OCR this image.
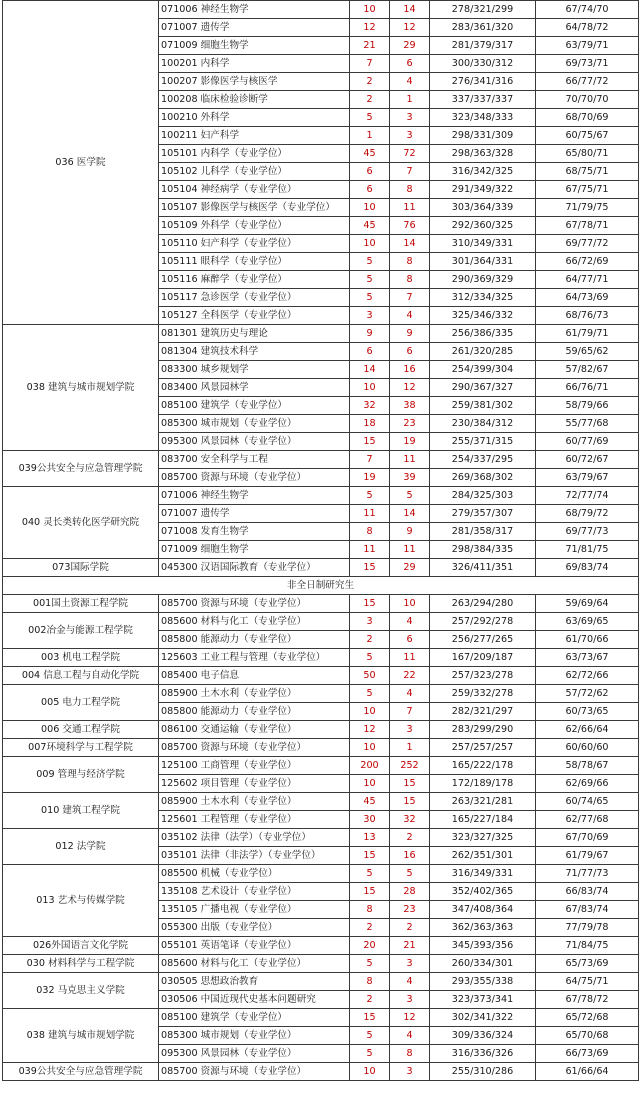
036 医学院	071006 神经生物学	10	14	278/321/299	67/74/70
	071007 遗传学	12	12	283/361/320	64/78/72
	071009 细胞生物学	21	29	281/379/317	63/79/71
	100201 内科学	7	6	300/330/312	69/73/71
	100207 影像医学与核医学	2	4	276/341/316	66/77/72
	100208 临床检验诊断学	2	1	337/337/337	70/70/70
	100210 外科学	5	3	323/348/333	68/70/69
	100211 妇产科学	1	3	298/331/309	60/75/67
	105101 内科学（专业学位）	45	72	298/363/328	65/80/71
	105102 儿科学（专业学位）	6	7	316/342/325	68/75/71
	105104 神经病学（专业学位）	6	8	291/349/322	67/75/71
	105107 影像医学与核医学（专业学位）	10	11	303/364/339	71/79/75
	105109 外科学（专业学位）	45	76	292/360/325	67/78/71
	105110 妇产科学（专业学位）	10	14	310/349/331	69/77/72
	105111 眼科学（专业学位）	5	8	301/364/331	66/72/69
	105116 麻醉学（专业学位）	5	8	290/369/329	64/77/71
	105117 急诊医学（专业学位）	5	7	312/334/325	64/73/69
	105127 全科医学（专业学位）	3	4	325/346/332	68/76/73
038 建筑与城市规划学院	081301 建筑历史与理论	9	9	256/386/335	61/79/71
	081304 建筑技术科学	6	6	261/320/285	59/65/62
	083300 城乡规划学	14	16	254/399/304	57/82/67
	083400 风景园林学	10	12	290/367/327	66/76/71
	085100 建筑学（专业学位）	32	38	259/381/302	58/79/66
	085300 城市规划（专业学位）	18	23	230/384/312	55/77/68
	095300 风景园林（专业学位）	15	19	255/371/315	60/77/69
039公共安全与应急管理学院	083700 安全科学与工程	7	11	254/337/295	60/72/67
	085700 资源与环境（专业学位）	19	39	269/368/302	63/79/67
040 灵长类转化医学研究院	071006 神经生物学	5	5	284/325/303	72/77/74
	071007 遗传学	11	14	279/357/307	68/79/72
	071008 发育生物学	8	9	281/358/317	69/77/73
	071009 细胞生物学	11	11	298/384/335	71/81/75
073国际学院	045300 汉语国际教育（专业学位）	15	29	326/411/351	69/83/74
非全日制研究生					
001国土资源工程学院	085700 资源与环境（专业学位）	15	10	263/294/280	59/69/64
002冶金与能源工程学院	085600 材料与化工（专业学位）	3	4	257/292/278	63/69/65
	085800 能源动力（专业学位）	2	6	256/277/265	61/70/66
003 机电工程学院	125603 工业工程与管理（专业学位）	5	11	167/209/187	63/73/67
004 信息工程与自动化学院	085400 电子信息	50	22	257/323/278	62/72/66
005 电力工程学院	085900 土木水利（专业学位）	5	4	259/332/278	57/72/62
	085800 能源动力（专业学位）	10	7	282/321/297	60/73/65
006 交通工程学院	086100 交通运输（专业学位）	12	3	283/299/290	62/66/64
007环境科学与工程学院	085700 资源与环境（专业学位）	10	1	257/257/257	60/60/60
009 管理与经济学院	125100 工商管理（专业学位）	200	252	165/222/178	58/78/67
	125602 项目管理（专业学位）	10	15	172/189/178	62/69/66
010 建筑工程学院	085900 土木水利（专业学位）	45	15	263/321/281	60/74/65
	125601 工程管理（专业学位）	30	32	165/227/184	62/77/68
012 法学院	035102 法律（法学）（专业学位）	13	2	323/327/325	67/70/69
	035101 法律（非法学）（专业学位）	15	16	262/351/301	61/79/67
013 艺术与传媒学院	085500 机械（专业学位）	5	5	316/349/331	71/77/73
	135108 艺术设计（专业学位）	15	28	352/402/365	66/83/74
	135105 广播电视（专业学位）	8	23	347/408/364	67/83/74
	055300 出版（专业学位）	2	2	362/363/363	77/79/78
026外国语言文化学院	055101 英语笔译（专业学位）	20	21	345/393/356	71/84/75
030 材料科学与工程学院	085600 材料与化工（专业学位）	5	3	260/334/301	65/73/69
032 马克思主义学院	030505 思想政治教育	8	4	293/355/338	64/75/71
	030506 中国近现代史基本问题研究	2	3	323/373/341	67/78/72
038 建筑与城市规划学院	085100 建筑学（专业学位）	15	12	302/341/322	65/72/68
	085300 城市规划（专业学位）	5	4	309/336/324	65/70/68
	095300 风景园林（专业学位）	5	8	316/336/326	66/73/69
039公共安全与应急管理学院	085700 资源与环境（专业学位）	10	3	255/310/286	61/66/64
